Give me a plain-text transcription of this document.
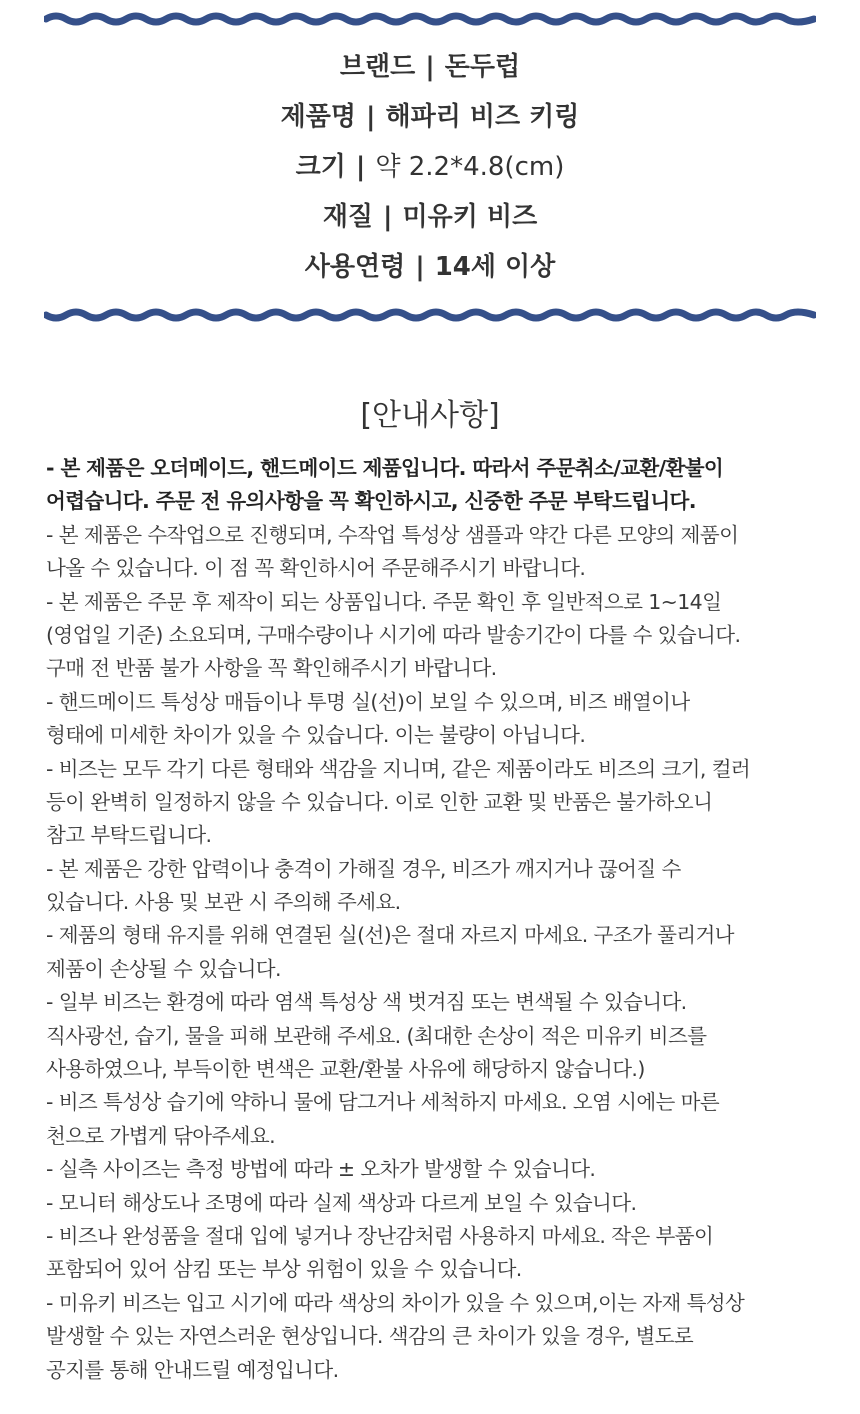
브랜드 | 돈두럽
제품명 | 해파리 비즈 키링
크기 | 약 2.2*4.8(cm)
재질 | 미유키 비즈
사용연령 | 14세 이상
[안내사항]
- 본 제품은 오더메이드, 핸드메이드 제품입니다. 따라서 주문취소/교환/환불이
어렵습니다. 주문 전 유의사항을 꼭 확인하시고, 신중한 주문 부탁드립니다.
- 본 제품은 수작업으로 진행되며, 수작업 특성상 샘플과 약간 다른 모양의 제품이
나올 수 있습니다. 이 점 꼭 확인하시어 주문해주시기 바랍니다.
- 본 제품은 주문 후 제작이 되는 상품입니다. 주문 확인 후 일반적으로 1~14일
(영업일 기준) 소요되며, 구매수량이나 시기에 따라 발송기간이 다를 수 있습니다.
구매 전 반품 불가 사항을 꼭 확인해주시기 바랍니다.
- 핸드메이드 특성상 매듭이나 투명 실(선)이 보일 수 있으며, 비즈 배열이나
형태에 미세한 차이가 있을 수 있습니다. 이는 불량이 아닙니다.
- 비즈는 모두 각기 다른 형태와 색감을 지니며, 같은 제품이라도 비즈의 크기, 컬러
등이 완벽히 일정하지 않을 수 있습니다. 이로 인한 교환 및 반품은 불가하오니
참고 부탁드립니다.
- 본 제품은 강한 압력이나 충격이 가해질 경우, 비즈가 깨지거나 끊어질 수
있습니다. 사용 및 보관 시 주의해 주세요.
- 제품의 형태 유지를 위해 연결된 실(선)은 절대 자르지 마세요. 구조가 풀리거나
제품이 손상될 수 있습니다.
- 일부 비즈는 환경에 따라 염색 특성상 색 벗겨짐 또는 변색될 수 있습니다.
직사광선, 습기, 물을 피해 보관해 주세요. (최대한 손상이 적은 미유키 비즈를
사용하였으나, 부득이한 변색은 교환/환불 사유에 해당하지 않습니다.)
- 비즈 특성상 습기에 약하니 물에 담그거나 세척하지 마세요. 오염 시에는 마른
천으로 가볍게 닦아주세요.
- 실측 사이즈는 측정 방법에 따라 ± 오차가 발생할 수 있습니다.
- 모니터 해상도나 조명에 따라 실제 색상과 다르게 보일 수 있습니다.
- 비즈나 완성품을 절대 입에 넣거나 장난감처럼 사용하지 마세요. 작은 부품이
포함되어 있어 삼킴 또는 부상 위험이 있을 수 있습니다.
- 미유키 비즈는 입고 시기에 따라 색상의 차이가 있을 수 있으며,이는 자재 특성상
발생할 수 있는 자연스러운 현상입니다. 색감의 큰 차이가 있을 경우, 별도로
공지를 통해 안내드릴 예정입니다.
